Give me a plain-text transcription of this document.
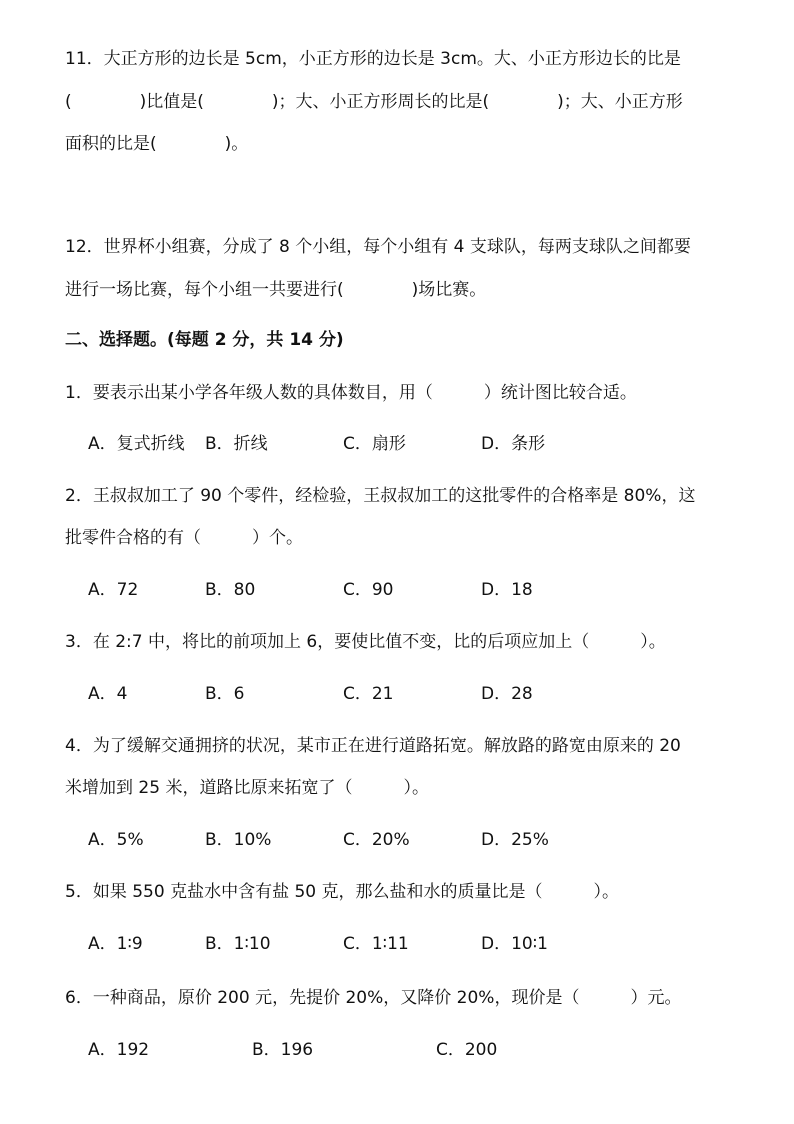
11．大正方形的边长是 5cm，小正方形的边长是 3cm。大、小正方形边长的比是
(　　　　)比值是(　　　　)；大、小正方形周长的比是(　　　　)；大、小正方形
面积的比是(　　　　)。
12．世界杯小组赛，分成了 8 个小组，每个小组有 4 支球队，每两支球队之间都要
进行一场比赛，每个小组一共要进行(　　　　)场比赛。
二、选择题。(每题 2 分，共 14 分)
1．要表示出某小学各年级人数的具体数目，用（　　　）统计图比较合适。
A．复式折线 B．折线	C．扇形	D．条形
2．王叔叔加工了 90 个零件，经检验，王叔叔加工的这批零件的合格率是 80%，这
批零件合格的有（　　　）个。
A．72	B．80	C．90	D．18
3．在 2:7 中，将比的前项加上 6，要使比值不变，比的后项应加上（　　　）。
A．4	B．6	C．21	D．28
4．为了缓解交通拥挤的状况，某市正在进行道路拓宽。解放路的路宽由原来的 20
米增加到 25 米，道路比原来拓宽了（　　　）。
A．5%	B．10%	C．20%	D．25%
5．如果 550 克盐水中含有盐 50 克，那么盐和水的质量比是（　　　）。
A．1∶9	B．1∶10	C．1∶11	D．10∶1
6．一种商品，原价 200 元，先提价 20%，又降价 20%，现价是（　　　）元。
A．192	B．196	C．200
